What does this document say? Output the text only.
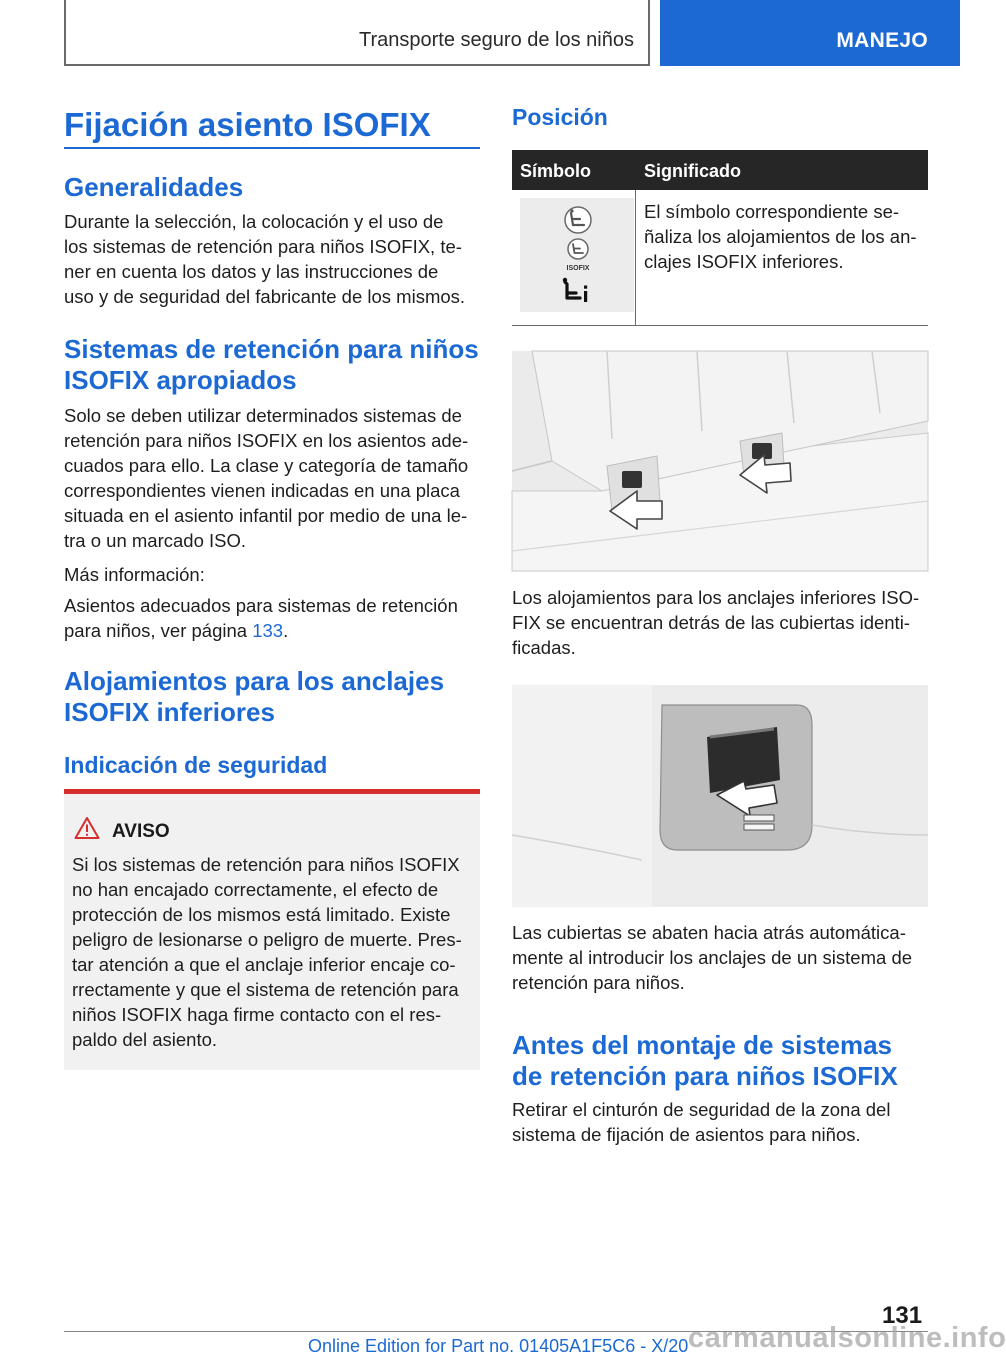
Transporte seguro de los niños	MANEJO
Fijación asiento ISOFIX
Generalidades
Durante la selección, la colocación y el uso de
los sistemas de retención para niños ISOFIX, te‐
ner en cuenta los datos y las instrucciones de
uso y de seguridad del fabricante de los mismos.
Sistemas de retención para niños
ISOFIX apropiados
Solo se deben utilizar determinados sistemas de
retención para niños ISOFIX en los asientos ade‐
cuados para ello. La clase y categoría de tamaño
correspondientes vienen indicadas en una placa
situada en el asiento infantil por medio de una le‐
tra o un marcado ISO.
Más información:
Asientos adecuados para sistemas de retención
para niños, ver página 133.
Alojamientos para los anclajes
ISOFIX inferiores
Indicación de seguridad
AVISO
Si los sistemas de retención para niños ISOFIX
no han encajado correctamente, el efecto de
protección de los mismos está limitado. Existe
peligro de lesionarse o peligro de muerte. Pres‐
tar atención a que el anclaje inferior encaje co‐
rrectamente y que el sistema de retención para
niños ISOFIX haga firme contacto con el res‐
paldo del asiento.
Posición
Símbolo	Significado
ISOFIX
El símbolo correspondiente se‐
ñaliza los alojamientos de los an‐
clajes ISOFIX inferiores.
Los alojamientos para los anclajes inferiores ISO‐
FIX se encuentran detrás de las cubiertas identi‐
ficadas.
Las cubiertas se abaten hacia atrás automática‐
mente al introducir los anclajes de un sistema de
retención para niños.
Antes del montaje de sistemas
de retención para niños ISOFIX
Retirar el cinturón de seguridad de la zona del
sistema de fijación de asientos para niños.
131
Online Edition for Part no. 01405A1F5C6 - X/20 carmanualsonline.info
